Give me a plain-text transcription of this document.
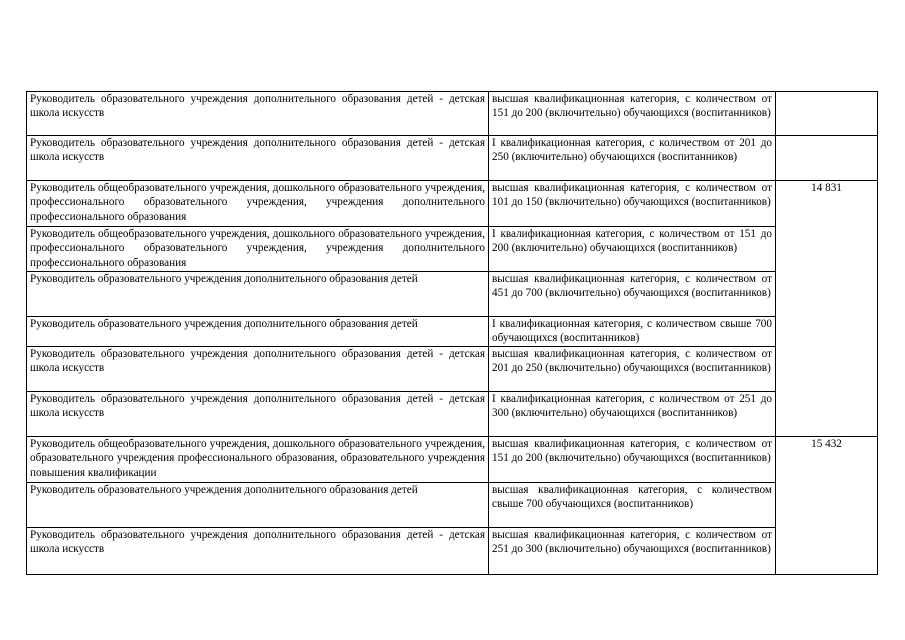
Руководитель образовательного учреждения дополнительного образования детей - детская школа искусств	высшая квалификационная категория, с количеством от 151 до 200 (включительно) обучающихся (воспитанников)	
Руководитель образовательного учреждения дополнительного образования детей - детская школа искусств	I квалификационная категория, с количеством от 201 до 250 (включительно) обучающихся (воспитанников)	
Руководитель общеобразовательного учреждения, дошкольного образовательного учреждения, профессионального образовательного учреждения, учреждения дополнительного профессионального образования	высшая квалификационная категория, с количеством от 101 до 150 (включительно) обучающихся (воспитанников)	14 831
Руководитель общеобразовательного учреждения, дошкольного образовательного учреждения, профессионального образовательного учреждения, учреждения дополнительного профессионального образования	I квалификационная категория, с количеством от 151 до 200 (включительно) обучающихся (воспитанников)	
Руководитель образовательного учреждения дополнительного образования детей	высшая квалификационная категория, с количеством от 451 до 700 (включительно) обучающихся (воспитанников)	
Руководитель образовательного учреждения дополнительного образования детей	I квалификационная категория, с количеством свыше 700 обучающихся (воспитанников)	
Руководитель образовательного учреждения дополнительного образования детей - детская школа искусств	высшая квалификационная категория, с количеством от 201 до 250 (включительно) обучающихся (воспитанников)	
Руководитель образовательного учреждения дополнительного образования детей - детская школа искусств	I квалификационная категория, с количеством от 251 до 300 (включительно) обучающихся (воспитанников)	
Руководитель общеобразовательного учреждения, дошкольного образовательного учреждения, образовательного учреждения профессионального образования, образовательного учреждения повышения квалификации	высшая квалификационная категория, с количеством от 151 до 200 (включительно) обучающихся (воспитанников)	15 432
Руководитель образовательного учреждения дополнительного образования детей	высшая квалификационная категория, с количеством свыше 700 обучающихся (воспитанников)	
Руководитель образовательного учреждения дополнительного образования детей - детская школа искусств	высшая квалификационная категория, с количеством от 251 до 300 (включительно) обучающихся (воспитанников)	
